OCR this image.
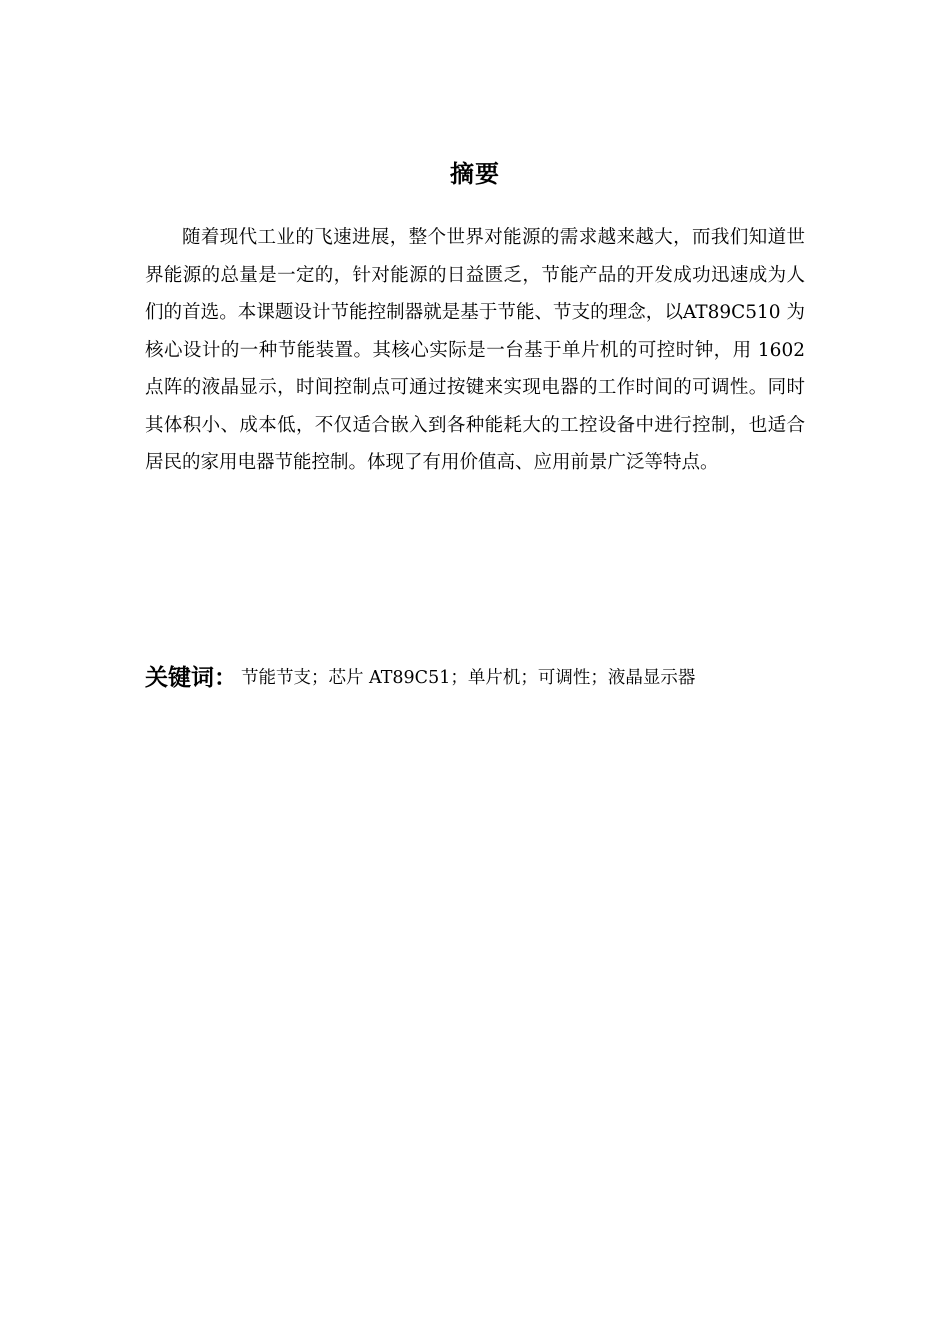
摘要

随着现代工业的飞速进展，整个世界对能源的需求越来越大，而我们知道世界能源的总量是一定的，针对能源的日益匮乏，节能产品的开发成功迅速成为人们的首选。本课题设计节能控制器就是基于节能、节支的理念，以AT89C510 为核心设计的一种节能装置。其核心实际是一台基于单片机的可控时钟，用 1602 点阵的液晶显示，时间控制点可通过按键来实现电器的工作时间的可调性。同时其体积小、成本低，不仅适合嵌入到各种能耗大的工控设备中进行控制，也适合居民的家用电器节能控制。体现了有用价值高、应用前景广泛等特点。

关键词： 节能节支；芯片 AT89C51；单片机；可调性；液晶显示器
